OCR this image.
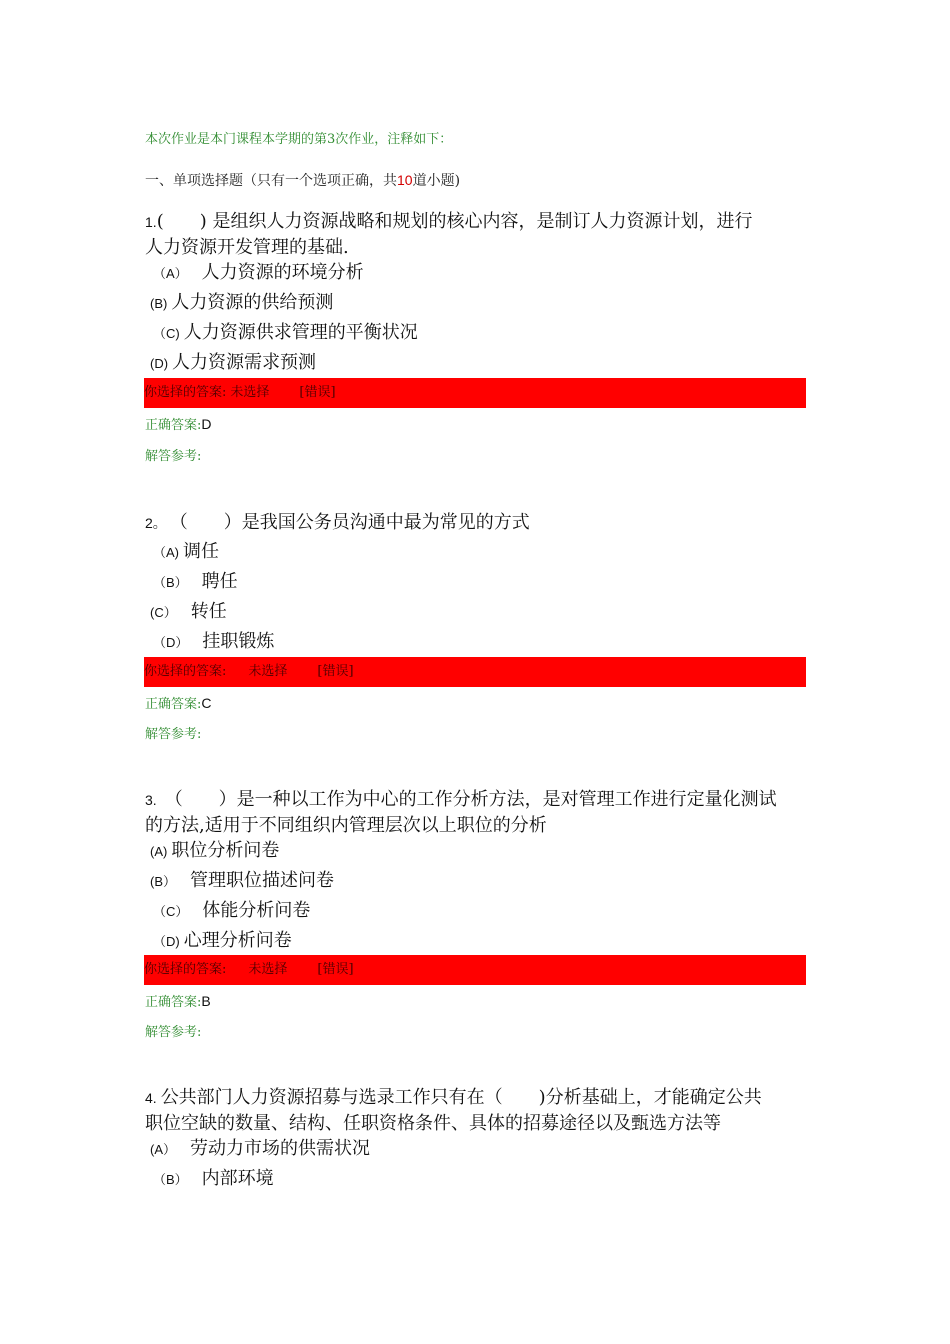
本次作业是本门课程本学期的第3次作业，注释如下：
一、单项选择题（只有一个选项正确，共10道小题)
1.(　　) 是组织人力资源战略和规划的核心内容，是制订人力资源计划，进行
人力资源开发管理的基础.
（A） 人力资源的环境分析
(B) 人力资源的供给预测
（C) 人力资源供求管理的平衡状况
(D) 人力资源需求预测
你选择的答案: 未选择 [错误]
正确答案:D
解答参考:
2。 （　　）是我国公务员沟通中最为常见的方式
（A) 调任
（B） 聘任
(C） 转任
（D） 挂职锻炼
你选择的答案: 未选择 [错误]
正确答案:C
解答参考:
3. （　　）是一种以工作为中心的工作分析方法，是对管理工作进行定量化测试
的方法,适用于不同组织内管理层次以上职位的分析
(A) 职位分析问卷
(B） 管理职位描述问卷
（C） 体能分析问卷
（D) 心理分析问卷
你选择的答案: 未选择 [错误]
正确答案:B
解答参考:
4. 公共部门人力资源招募与选录工作只有在（　　)分析基础上，才能确定公共
职位空缺的数量、结构、任职资格条件、具体的招募途径以及甄选方法等
(A） 劳动力市场的供需状况
（B） 内部环境
